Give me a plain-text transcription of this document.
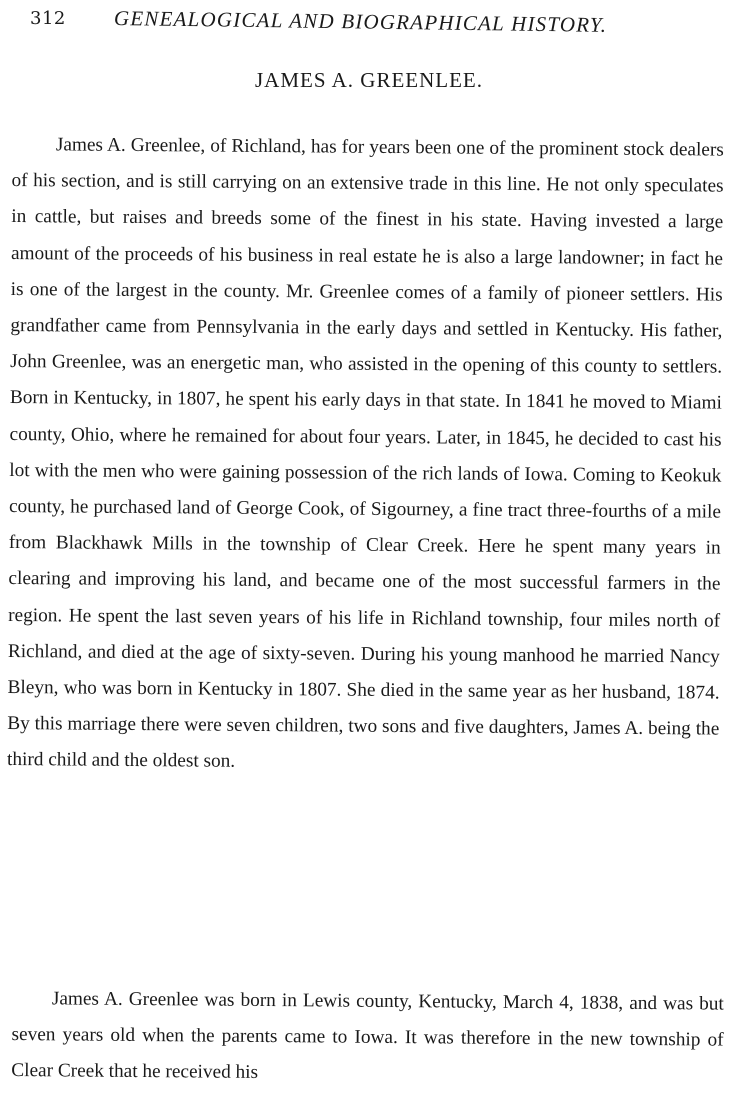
312 GENEALOGICAL AND BIOGRAPHICAL HISTORY.
JAMES A. GREENLEE.

James A. Greenlee, of Richland, has for years been one of the prominent stock dealers of his section, and is still carrying on an extensive trade in this line. He not only speculates in cattle, but raises and breeds some of the finest in his state. Having invested a large amount of the proceeds of his business in real estate he is also a large landowner; in fact he is one of the largest in the county. Mr. Greenlee comes of a family of pioneer settlers. His grandfather came from Pennsylvania in the early days and settled in Kentucky. His father, John Greenlee, was an energetic man, who assisted in the opening of this county to settlers. Born in Kentucky, in 1807, he spent his early days in that state. In 1841 he moved to Miami county, Ohio, where he remained for about four years. Later, in 1845, he decided to cast his lot with the men who were gaining possession of the rich lands of Iowa. Coming to Keokuk county, he purchased land of George Cook, of Sigourney, a fine tract three-fourths of a mile from Blackhawk Mills in the township of Clear Creek. Here he spent many years in clearing and improving his land, and became one of the most successful farmers in the region. He spent the last seven years of his life in Richland township, four miles north of Richland, and died at the age of sixty-seven. During his young manhood he married Nancy Bleyn, who was born in Kentucky in 1807. She died in the same year as her husband, 1874. By this marriage there were seven children, two sons and five daughters, James A. being the third child and the oldest son.

James A. Greenlee was born in Lewis county, Kentucky, March 4, 1838, and was but seven years old when the parents came to Iowa. It was therefore in the new township of Clear Creek that he received his
